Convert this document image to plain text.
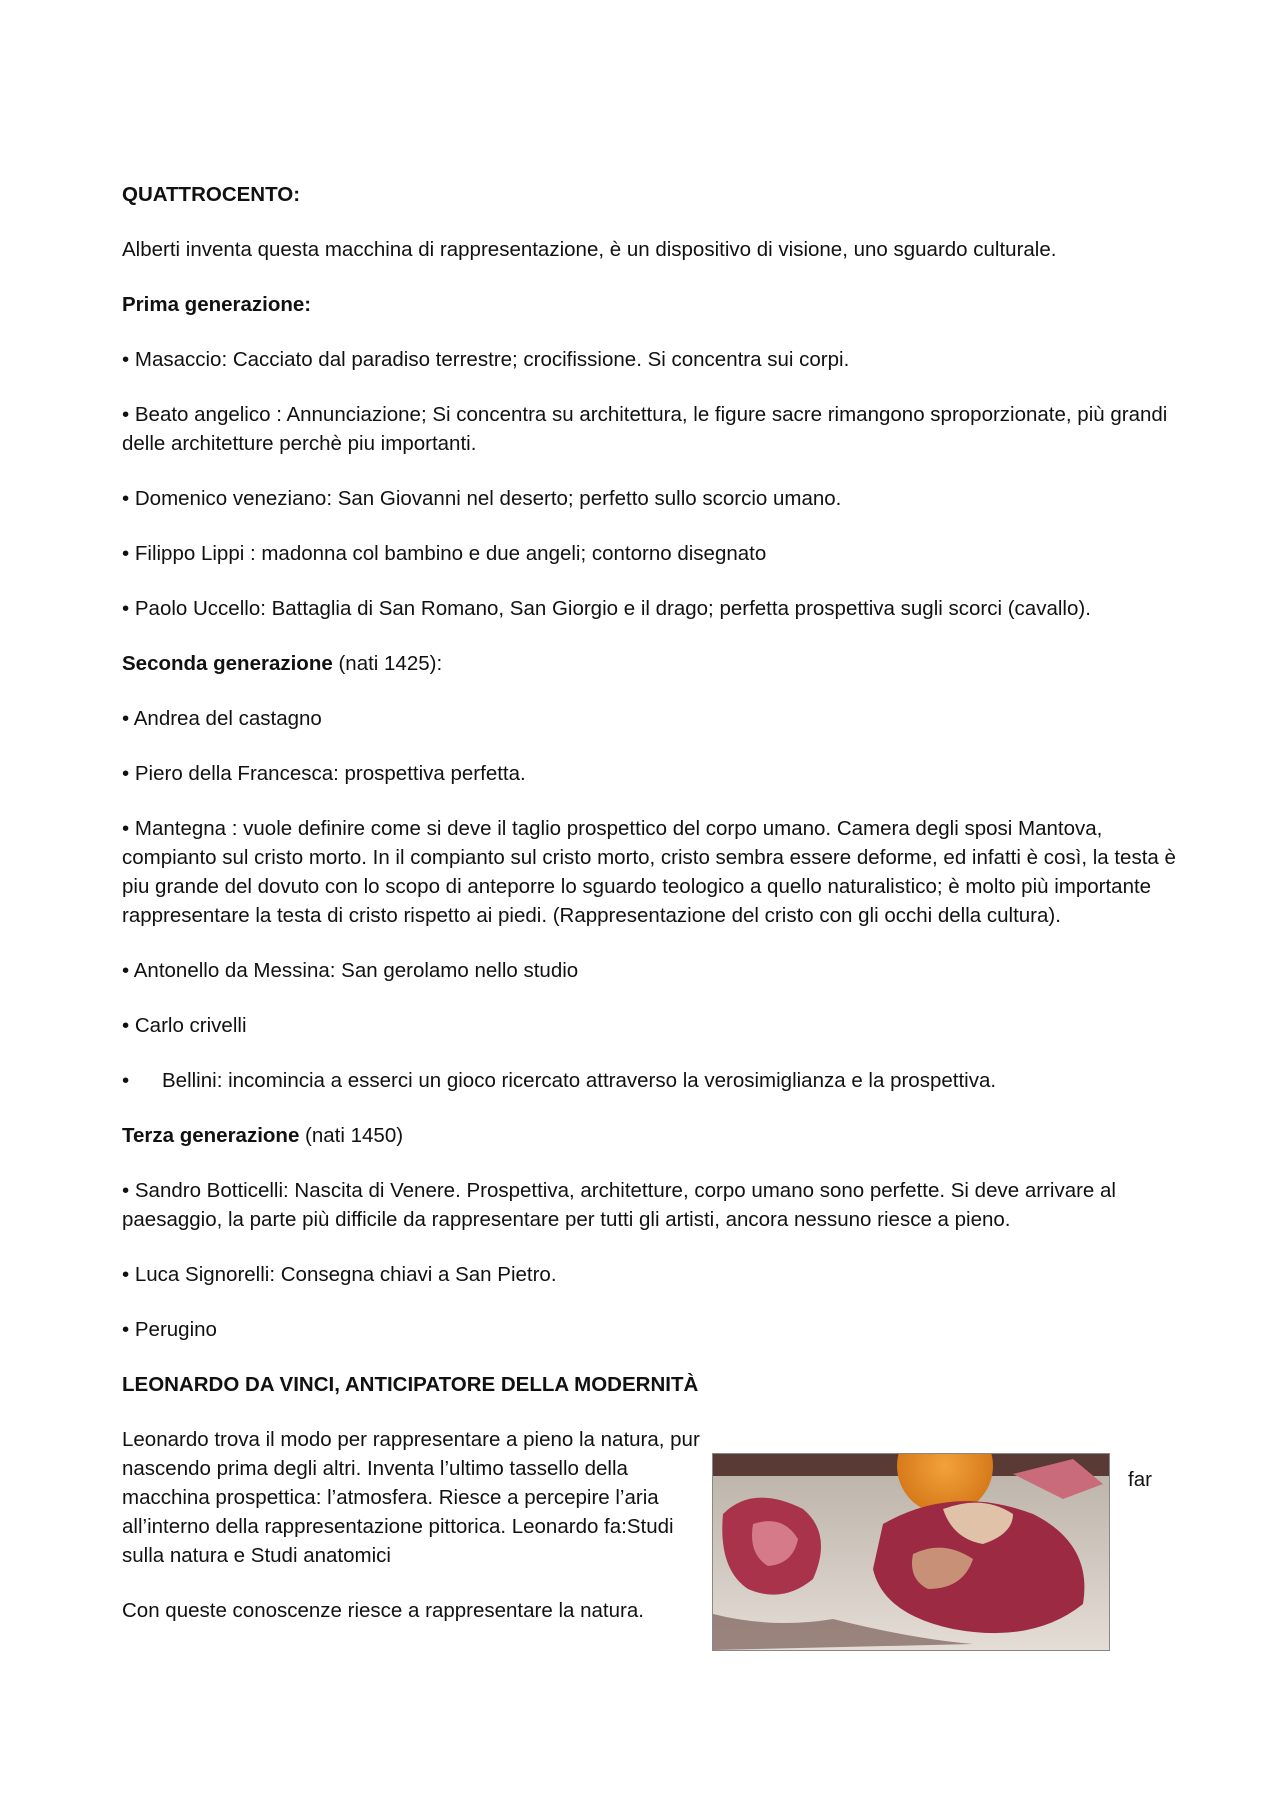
QUATTROCENTO:

Alberti inventa questa macchina di rappresentazione, è un dispositivo di visione, uno sguardo culturale.

Prima generazione:

• Masaccio: Cacciato dal paradiso terrestre; crocifissione. Si concentra sui corpi.

• Beato angelico : Annunciazione; Si concentra su architettura, le figure sacre rimangono sproporzionate, più grandi delle architetture perchè piu importanti.

• Domenico veneziano: San Giovanni nel deserto; perfetto sullo scorcio umano.

• Filippo Lippi : madonna col bambino e due angeli; contorno disegnato

• Paolo Uccello: Battaglia di San Romano, San Giorgio e il drago; perfetta prospettiva sugli scorci (cavallo).

Seconda generazione (nati 1425):

• Andrea del castagno

• Piero della Francesca: prospettiva perfetta.

• Mantegna : vuole definire come si deve il taglio prospettico del corpo umano. Camera degli sposi Mantova, compianto sul cristo morto. In il compianto sul cristo morto, cristo sembra essere deforme, ed infatti è così, la testa è piu grande del dovuto con lo scopo di anteporre lo sguardo teologico a quello naturalistico; è molto più importante rappresentare la testa di cristo rispetto ai piedi. (Rappresentazione del cristo con gli occhi della cultura).

• Antonello da Messina: San gerolamo nello studio

• Carlo crivelli

• Bellini: incomincia a esserci un gioco ricercato attraverso la verosimiglianza e la prospettiva.

Terza generazione (nati 1450)

• Sandro Botticelli: Nascita di Venere. Prospettiva, architetture, corpo umano sono perfette. Si deve arrivare al paesaggio, la parte più difficile da rappresentare per tutti gli artisti, ancora nessuno riesce a pieno.

• Luca Signorelli: Consegna chiavi a San Pietro.

• Perugino

LEONARDO DA VINCI, ANTICIPATORE DELLA MODERNITÀ

Leonardo trova il modo per rappresentare a pieno la natura, pur nascendo prima degli altri. Inventa l’ultimo tassello della macchina prospettica: l’atmosfera. Riesce a percepire l’aria all’interno della rappresentazione pittorica. Leonardo fa:Studi sulla natura e Studi anatomici

Con queste conoscenze riesce a rappresentare la natura.

far
